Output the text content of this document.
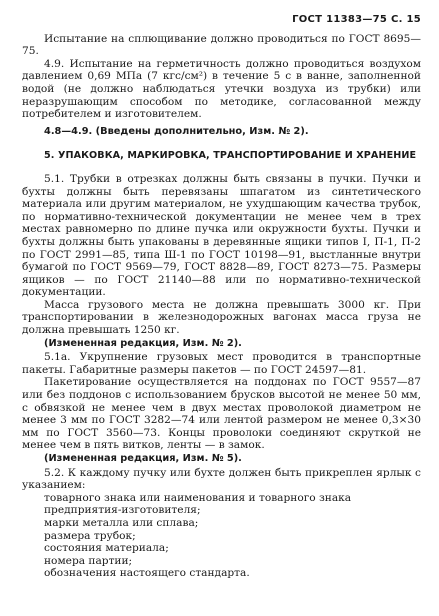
ГОСТ 11383—75 С. 15

Испытание на сплющивание должно проводиться по ГОСТ 8695—75.

4.9. Испытание на герметичность должно проводиться воздухом давлением 0,69 МПа (7 кгс/см²) в течение 5 с в ванне, заполненной водой (не должно наблюдаться утечки воздуха из трубки) или неразрушающим способом по методике, согласованной между потребителем и изготовителем.

4.8—4.9. (Введены дополнительно, Изм. № 2).

5. УПАКОВКА, МАРКИРОВКА, ТРАНСПОРТИРОВАНИЕ И ХРАНЕНИЕ

5.1. Трубки в отрезках должны быть связаны в пучки. Пучки и бухты должны быть перевязаны шпагатом из синтетического материала или другим материалом, не ухудшающим качества трубок, по нормативно-технической документации не менее чем в трех местах равномерно по длине пучка или окружности бухты. Пучки и бухты должны быть упакованы в деревянные ящики типов I, П-1, П-2 по ГОСТ 2991—85, типа Ш-1 по ГОСТ 10198—91, выстланные внутри бумагой по ГОСТ 9569—79, ГОСТ 8828—89, ГОСТ 8273—75. Размеры ящиков — по ГОСТ 21140—88 или по нормативно-технической документации.

Масса грузового места не должна превышать 3000 кг. При транспортировании в железнодорожных вагонах масса груза не должна превышать 1250 кг.

(Измененная редакция, Изм. № 2).

5.1а. Укрупнение грузовых мест проводится в транспортные пакеты. Габаритные размеры пакетов — по ГОСТ 24597—81.

Пакетирование осуществляется на поддонах по ГОСТ 9557—87 или без поддонов с использованием брусков высотой не менее 50 мм, с обвязкой не менее чем в двух местах проволокой диаметром не менее 3 мм по ГОСТ 3282—74 или лентой размером не менее 0,3×30 мм по ГОСТ 3560—73. Концы проволоки соединяют скруткой не менее чем в пять витков, ленты — в замок.

(Измененная редакция, Изм. № 5).

5.2. К каждому пучку или бухте должен быть прикреплен ярлык с указанием:

товарного знака или наименования и товарного знака предприятия-изготовителя;

марки металла или сплава;

размера трубок;

состояния материала;

номера партии;

обозначения настоящего стандарта.
